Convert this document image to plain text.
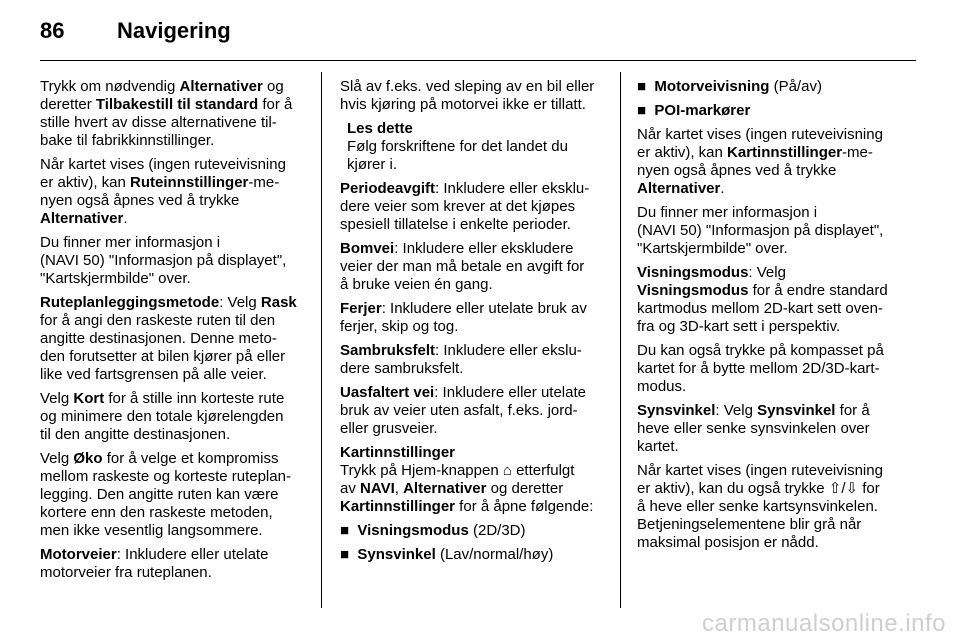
86 Navigering

Trykk om nødvendig Alternativer og
deretter Tilbakestill til standard for å
stille hvert av disse alternativene til-
bake til fabrikkinnstillinger.

Når kartet vises (ingen ruteveivisning
er aktiv), kan Ruteinnstillinger-me-
nyen også åpnes ved å trykke
Alternativer.

Du finner mer informasjon i
(NAVI 50) "Informasjon på displayet",
"Kartskjermbilde" over.

Ruteplanleggingsmetode: Velg Rask
for å angi den raskeste ruten til den
angitte destinasjonen. Denne meto-
den forutsetter at bilen kjører på eller
like ved fartsgrensen på alle veier.

Velg Kort for å stille inn korteste rute
og minimere den totale kjørelengden
til den angitte destinasjonen.

Velg Øko for å velge et kompromiss
mellom raskeste og korteste ruteplan-
legging. Den angitte ruten kan være
kortere enn den raskeste metoden,
men ikke vesentlig langsommere.

Motorveier: Inkludere eller utelate
motorveier fra ruteplanen.

Slå av f.eks. ved sleping av en bil eller
hvis kjøring på motorvei ikke er tillatt.

Les dette
Følg forskriftene for det landet du
kjører i.

Periodeavgift: Inkludere eller eksklu-
dere veier som krever at det kjøpes
spesiell tillatelse i enkelte perioder.

Bomvei: Inkludere eller ekskludere
veier der man må betale en avgift for
å bruke veien én gang.

Ferjer: Inkludere eller utelate bruk av
ferjer, skip og tog.

Sambruksfelt: Inkludere eller ekslu-
dere sambruksfelt.

Uasfaltert vei: Inkludere eller utelate
bruk av veier uten asfalt, f.eks. jord-
eller grusveier.

Kartinnstillinger
Trykk på Hjem-knappen ⌂ etterfulgt
av NAVI, Alternativer og deretter
Kartinnstillinger for å åpne følgende:

■ Visningsmodus (2D/3D)

■ Synsvinkel (Lav/normal/høy)

■ Motorveivisning (På/av)

■ POI-markører

Når kartet vises (ingen ruteveivisning
er aktiv), kan Kartinnstillinger-me-
nyen også åpnes ved å trykke
Alternativer.

Du finner mer informasjon i
(NAVI 50) "Informasjon på displayet",
"Kartskjermbilde" over.

Visningsmodus: Velg
Visningsmodus for å endre standard
kartmodus mellom 2D-kart sett oven-
fra og 3D-kart sett i perspektiv.

Du kan også trykke på kompasset på
kartet for å bytte mellom 2D/3D-kart-
modus.

Synsvinkel: Velg Synsvinkel for å
heve eller senke synsvinkelen over
kartet.

Når kartet vises (ingen ruteveivisning
er aktiv), kan du også trykke ⇧/⇩ for
å heve eller senke kartsynsvinkelen.
Betjeningselementene blir grå når
maksimal posisjon er nådd.

carmanualsonline.info
